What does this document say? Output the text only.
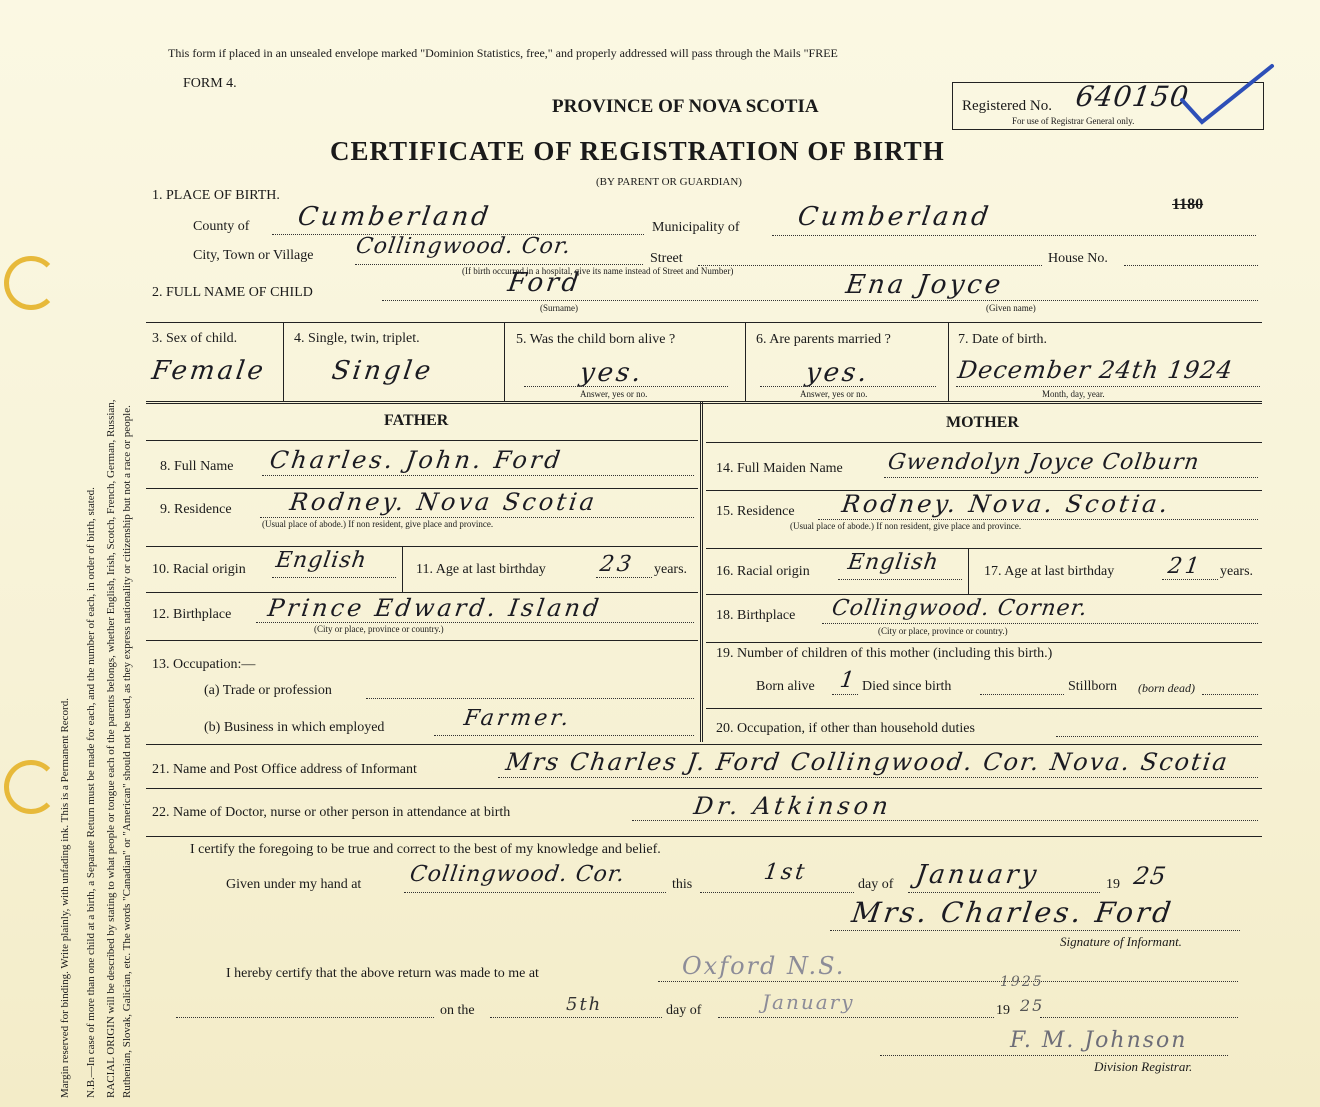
Margin reserved for binding. Write plainly, with unfading ink. This is a Permanent Record. N.B.—In case of more than one child at a birth, a Separate Return must be made for each, and the number of each, in order of birth, stated. RACIAL ORIGIN will be described by stating to what people or tongue each of the parents belongs, whether English, Irish, Scotch, French, German, Russian, Ruthenian, Slovak, Galician, etc. The words "Canadian" or "American" should not be used, as they express nationality or citizenship but not a race or people.
This form if placed in an unsealed envelope marked "Dominion Statistics, free," and properly addressed will pass through the Mails "FREE
FORM 4.
PROVINCE OF NOVA SCOTIA
CERTIFICATE OF REGISTRATION OF BIRTH
(BY PARENT OR GUARDIAN)
Registered No. 640150
For use of Registrar General only.
1180
1. PLACE OF BIRTH.
County of Cumberland	Municipality of Cumberland
City, Town or Village Collingwood. Cor.	Street	House No.
(If birth occurred in a hospital, give its name instead of Street and Number)
2. FULL NAME OF CHILD	Ford	Ena Joyce
(Surname)	(Given name)
3. Sex of child.
Female
4. Single, twin, triplet.
Single
5. Was the child born alive ?
yes.
Answer, yes or no.
6. Are parents married ?
yes.
Answer, yes or no.
7. Date of birth.
December 24th 1924
Month, day, year.
FATHER	MOTHER
8. Full Name Charles. John. Ford
9. Residence Rodney. Nova Scotia
(Usual place of abode.) If non resident, give place and province.
10. Racial origin English	11. Age at last birthday 23 years.
12. Birthplace Prince Edward. Island
(City or place, province or country.)
13. Occupation:—
(a) Trade or profession
(b) Business in which employed	Farmer.
14. Full Maiden Name Gwendolyn Joyce Colburn
15. Residence Rodney. Nova. Scotia.
(Usual place of abode.) If non resident, give place and province.
16. Racial origin English	17. Age at last birthday 21 years.
18. Birthplace Collingwood. Corner.
(City or place, province or country.)
19. Number of children of this mother (including this birth.)
Born alive 1 Died since birth	Stillborn (born dead)
20. Occupation, if other than household duties
21. Name and Post Office address of Informant	Mrs Charles J. Ford Collingwood. Cor. Nova. Scotia
22. Name of Doctor, nurse or other person in attendance at birth	Dr. Atkinson
I certify the foregoing to be true and correct to the best of my knowledge and belief.
Given under my hand at Collingwood. Cor.	this	1st	day of January	19 25
Mrs. Charles. Ford
Signature of Informant.
I hereby certify that the above return was made to me at	Oxford N.S.
on the	5th	day of	January	19 25
1925
F. M. Johnson
Division Registrar.
